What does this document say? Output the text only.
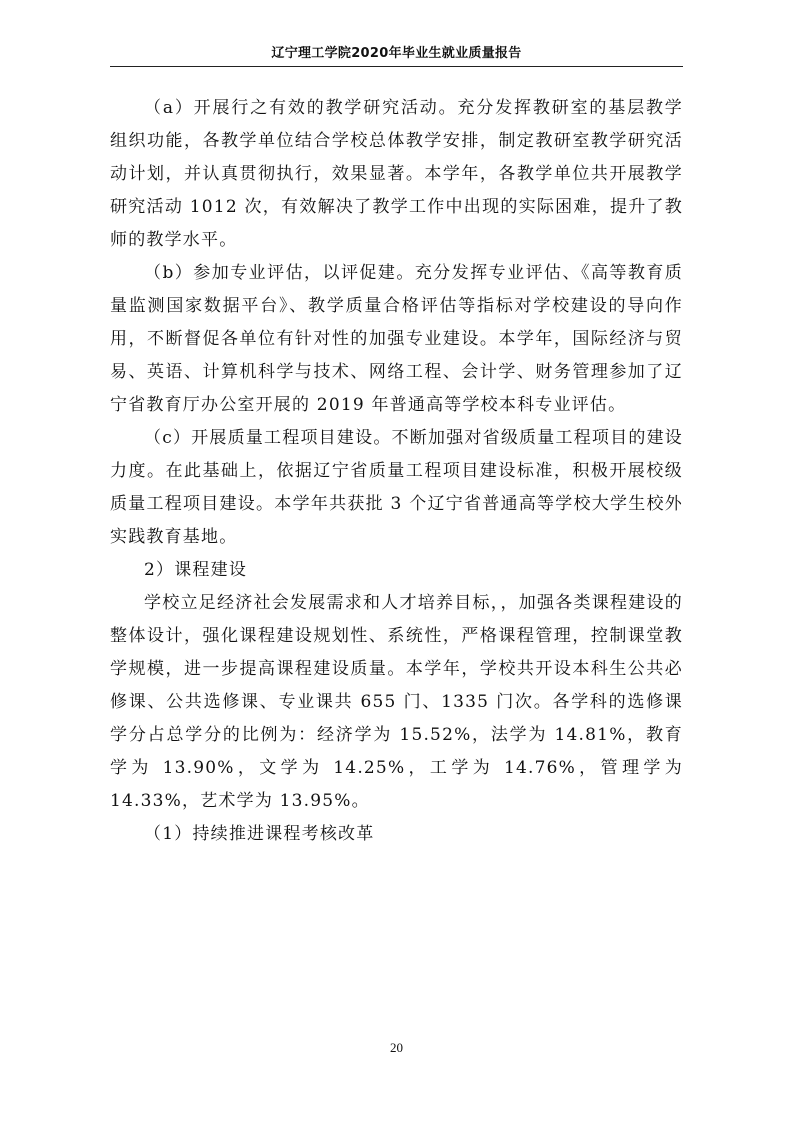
辽宁理工学院2020年毕业生就业质量报告

（a）开展行之有效的教学研究活动。充分发挥教研室的基层教学组织功能，各教学单位结合学校总体教学安排，制定教研室教学研究活动计划，并认真贯彻执行，效果显著。本学年，各教学单位共开展教学研究活动 1012 次，有效解决了教学工作中出现的实际困难，提升了教师的教学水平。

（b）参加专业评估，以评促建。充分发挥专业评估、《高等教育质量监测国家数据平台》、教学质量合格评估等指标对学校建设的导向作用，不断督促各单位有针对性的加强专业建设。本学年，国际经济与贸易、英语、计算机科学与技术、网络工程、会计学、财务管理参加了辽宁省教育厅办公室开展的 2019 年普通高等学校本科专业评估。

（c）开展质量工程项目建设。不断加强对省级质量工程项目的建设力度。在此基础上，依据辽宁省质量工程项目建设标准，积极开展校级质量工程项目建设。本学年共获批 3 个辽宁省普通高等学校大学生校外实践教育基地。

2）课程建设

学校立足经济社会发展需求和人才培养目标，，加强各类课程建设的整体设计，强化课程建设规划性、系统性，严格课程管理，控制课堂教学规模，进一步提高课程建设质量。本学年，学校共开设本科生公共必修课、公共选修课、专业课共 655 门、1335 门次。各学科的选修课学分占总学分的比例为：经济学为 15.52%，法学为 14.81%，教育学为 13.90%，文学为 14.25%，工学为 14.76%，管理学为 14.33%，艺术学为 13.95%。

（1）持续推进课程考核改革

20
